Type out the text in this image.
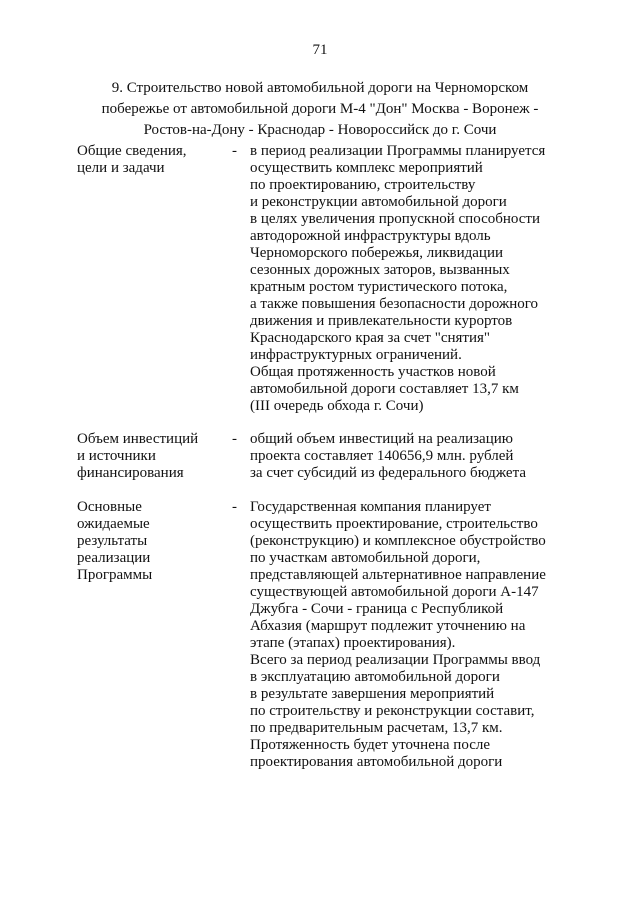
71
9. Строительство новой автомобильной дороги на Черноморском
побережье от автомобильной дороги М-4 "Дон" Москва - Воронеж -
Ростов-на-Дону - Краснодар - Новороссийск до г. Сочи
Общие сведения,
цели и задачи
- в период реализации Программы планируется
осуществить комплекс мероприятий
по проектированию, строительству
и реконструкции автомобильной дороги
в целях увеличения пропускной способности
автодорожной инфраструктуры вдоль
Черноморского побережья, ликвидации
сезонных дорожных заторов, вызванных
кратным ростом туристического потока,
а также повышения безопасности дорожного
движения и привлекательности курортов
Краснодарского края за счет "снятия"
инфраструктурных ограничений.
Общая протяженность участков новой
автомобильной дороги составляет 13,7 км
(III очередь обхода г. Сочи)
Объем инвестиций
и источники
финансирования
- общий объем инвестиций на реализацию
проекта составляет 140656,9 млн. рублей
за счет субсидий из федерального бюджета
Основные
ожидаемые
результаты
реализации
Программы
- Государственная компания планирует
осуществить проектирование, строительство
(реконструкцию) и комплексное обустройство
по участкам автомобильной дороги,
представляющей альтернативное направление
существующей автомобильной дороги А-147
Джубга - Сочи - граница с Республикой
Абхазия (маршрут подлежит уточнению на
этапе (этапах) проектирования).
Всего за период реализации Программы ввод
в эксплуатацию автомобильной дороги
в результате завершения мероприятий
по строительству и реконструкции составит,
по предварительным расчетам, 13,7 км.
Протяженность будет уточнена после
проектирования автомобильной дороги
